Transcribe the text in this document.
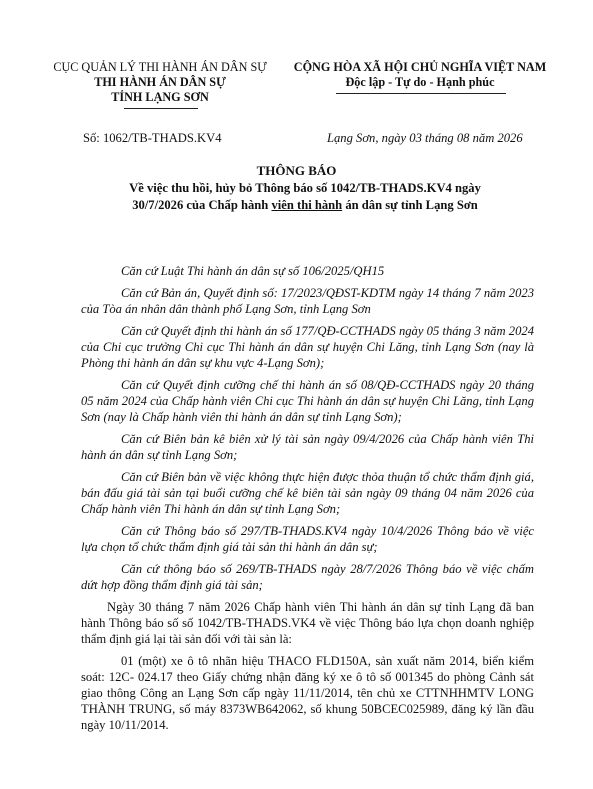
CỤC QUẢN LÝ THI HÀNH ÁN DÂN SỰ
THI HÀNH ÁN DÂN SỰ
TỈNH LẠNG SƠN
CỘNG HÒA XÃ HỘI CHỦ NGHĨA VIỆT NAM
Độc lập - Tự do - Hạnh phúc
Số: 1062/TB-THADS.KV4	Lạng Sơn, ngày 03 tháng 08 năm 2026
THÔNG BÁO
Về việc thu hồi, hủy bỏ Thông báo số 1042/TB-THADS.KV4 ngày
30/7/2026 của Chấp hành viên thi hành án dân sự tỉnh Lạng Sơn

Căn cứ Luật Thi hành án dân sự số 106/2025/QH15

Căn cứ Bản án, Quyết định số: 17/2023/QĐST-KDTM ngày 14 tháng 7 năm 2023 của Tòa án nhân dân thành phố Lạng Sơn, tỉnh Lạng Sơn

Căn cứ Quyết định thi hành án số 177/QĐ-CCTHADS ngày 05 tháng 3 năm 2024 của Chi cục trưởng Chi cục Thi hành án dân sự huyện Chi Lăng, tỉnh Lạng Sơn (nay là Phòng thi hành án dân sự khu vực 4-Lạng Sơn);

Căn cứ Quyết định cưỡng chế thi hành án số 08/QĐ-CCTHADS ngày 20 tháng 05 năm 2024 của Chấp hành viên Chi cục Thi hành án dân sự huyện Chi Lăng, tỉnh Lạng Sơn (nay là Chấp hành viên thi hành án dân sự tỉnh Lạng Sơn);

Căn cứ Biên bản kê biên xử lý tài sản ngày 09/4/2026 của Chấp hành viên Thi hành án dân sự tỉnh Lạng Sơn;

Căn cứ Biên bản về việc không thực hiện được thỏa thuận tổ chức thẩm định giá, bán đấu giá tài sản tại buổi cưỡng chế kê biên tài sản ngày 09 tháng 04 năm 2026 của Chấp hành viên Thi hành án dân sự tỉnh Lạng Sơn;

Căn cứ Thông báo số 297/TB-THADS.KV4 ngày 10/4/2026 Thông báo về việc lựa chọn tổ chức thẩm định giá tài sản thi hành án dân sự;

Căn cứ thông báo số 269/TB-THADS ngày 28/7/2026 Thông báo về việc chấm dứt hợp đồng thẩm định giá tài sản;

Ngày 30 tháng 7 năm 2026 Chấp hành viên Thi hành án dân sự tỉnh Lạng đã ban hành Thông báo số số 1042/TB-THADS.VK4 về việc Thông báo lựa chọn doanh nghiệp thẩm định giá lại tài sản đối với tài sản là:

01 (một) xe ô tô nhãn hiệu THACO FLD150A, sản xuất năm 2014, biển kiểm soát: 12C- 024.17 theo Giấy chứng nhận đăng ký xe ô tô số 001345 do phòng Cảnh sát giao thông Công an Lạng Sơn cấp ngày 11/11/2014, tên chủ xe CTTNHHMTV LONG THÀNH TRUNG, số máy 8373WB642062, số khung 50BCEC025989, đăng ký lần đầu ngày 10/11/2014.
